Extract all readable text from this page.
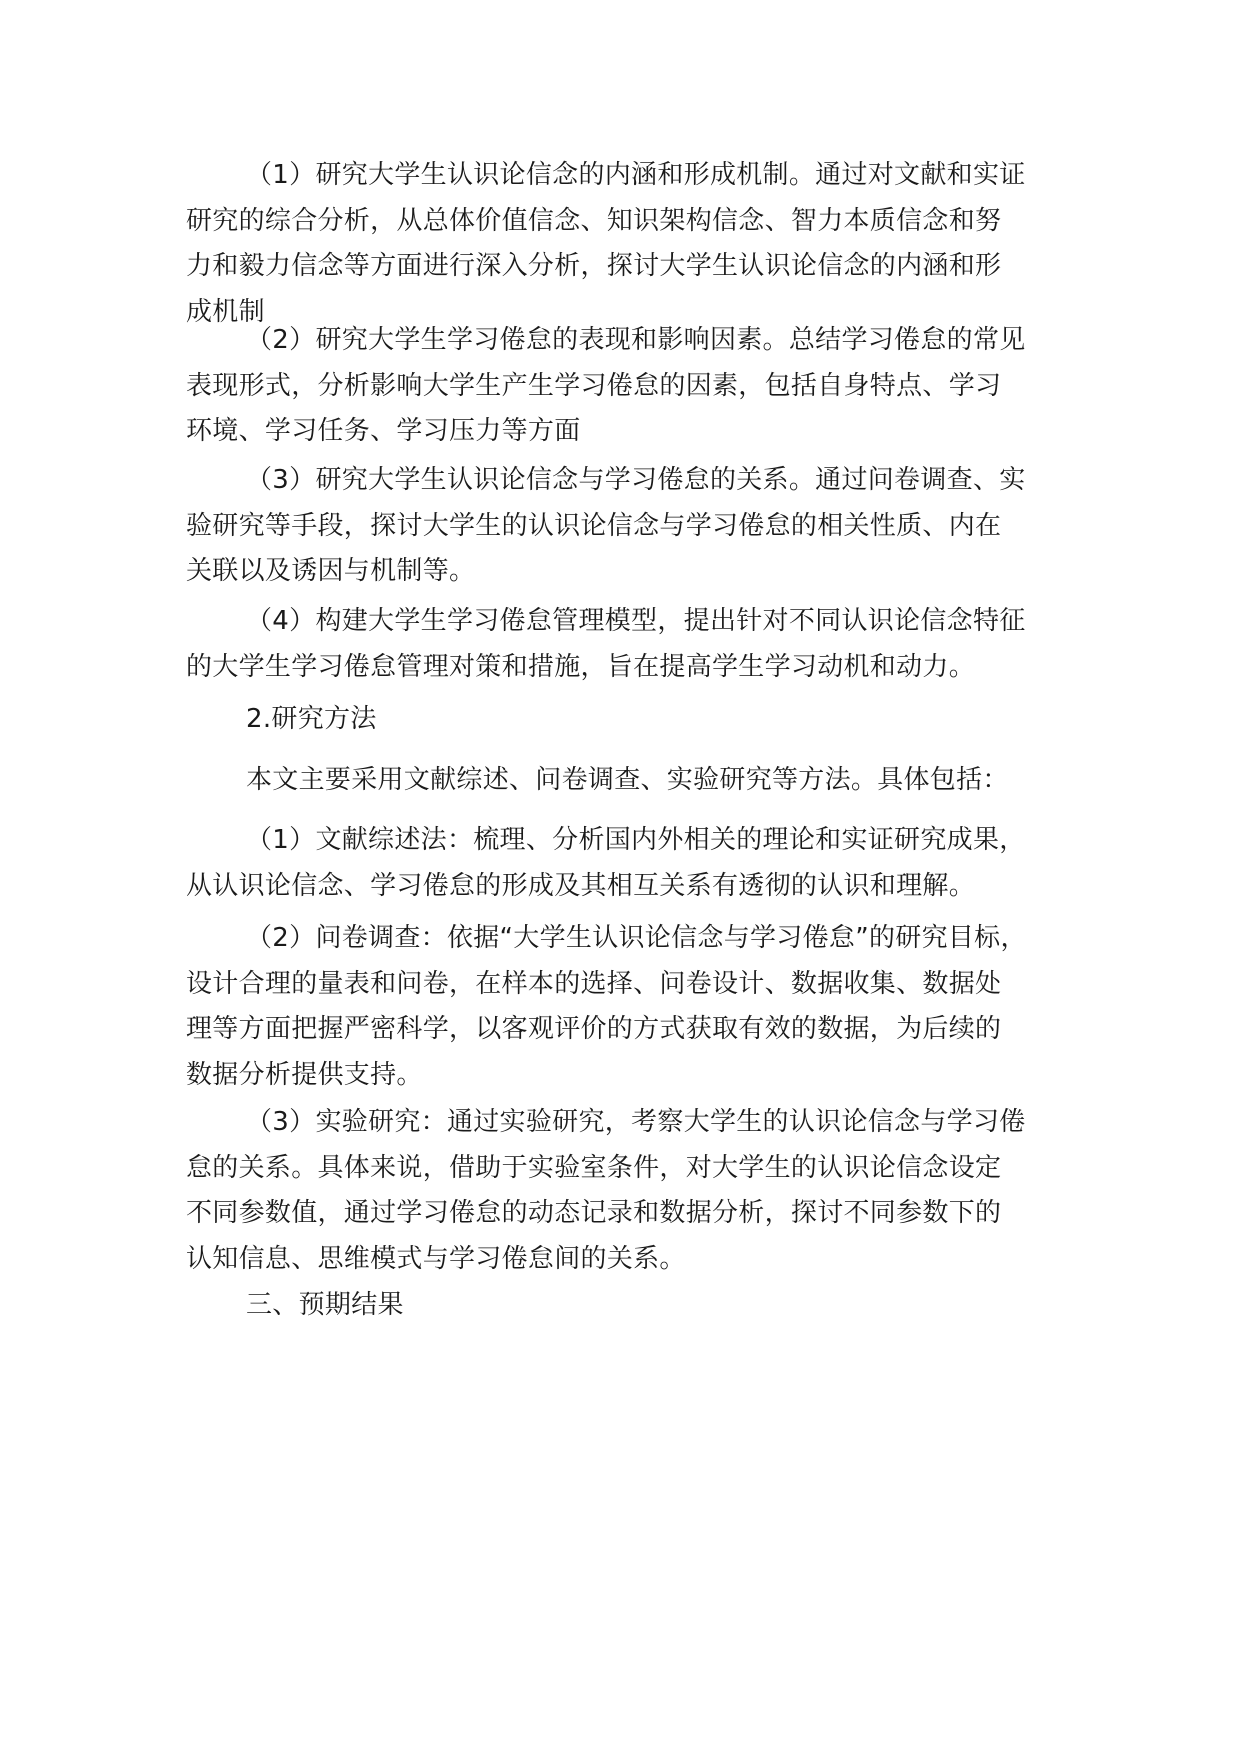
（1）研究大学生认识论信念的内涵和形成机制。通过对文献和实证
研究的综合分析，从总体价值信念、知识架构信念、智力本质信念和努
力和毅力信念等方面进行深入分析，探讨大学生认识论信念的内涵和形
成机制
（2）研究大学生学习倦怠的表现和影响因素。总结学习倦怠的常见
表现形式，分析影响大学生产生学习倦怠的因素，包括自身特点、学习
环境、学习任务、学习压力等方面
（3）研究大学生认识论信念与学习倦怠的关系。通过问卷调查、实
验研究等手段，探讨大学生的认识论信念与学习倦怠的相关性质、内在
关联以及诱因与机制等。
（4）构建大学生学习倦怠管理模型，提出针对不同认识论信念特征
的大学生学习倦怠管理对策和措施，旨在提高学生学习动机和动力。
2.研究方法
本文主要采用文献综述、问卷调查、实验研究等方法。具体包括：
（1）文献综述法：梳理、分析国内外相关的理论和实证研究成果，
从认识论信念、学习倦怠的形成及其相互关系有透彻的认识和理解。
（2）问卷调查：依据“大学生认识论信念与学习倦怠”的研究目标，
设计合理的量表和问卷，在样本的选择、问卷设计、数据收集、数据处
理等方面把握严密科学，以客观评价的方式获取有效的数据，为后续的
数据分析提供支持。
（3）实验研究：通过实验研究，考察大学生的认识论信念与学习倦
怠的关系。具体来说，借助于实验室条件，对大学生的认识论信念设定
不同参数值，通过学习倦怠的动态记录和数据分析，探讨不同参数下的
认知信息、思维模式与学习倦怠间的关系。
三、预期结果
